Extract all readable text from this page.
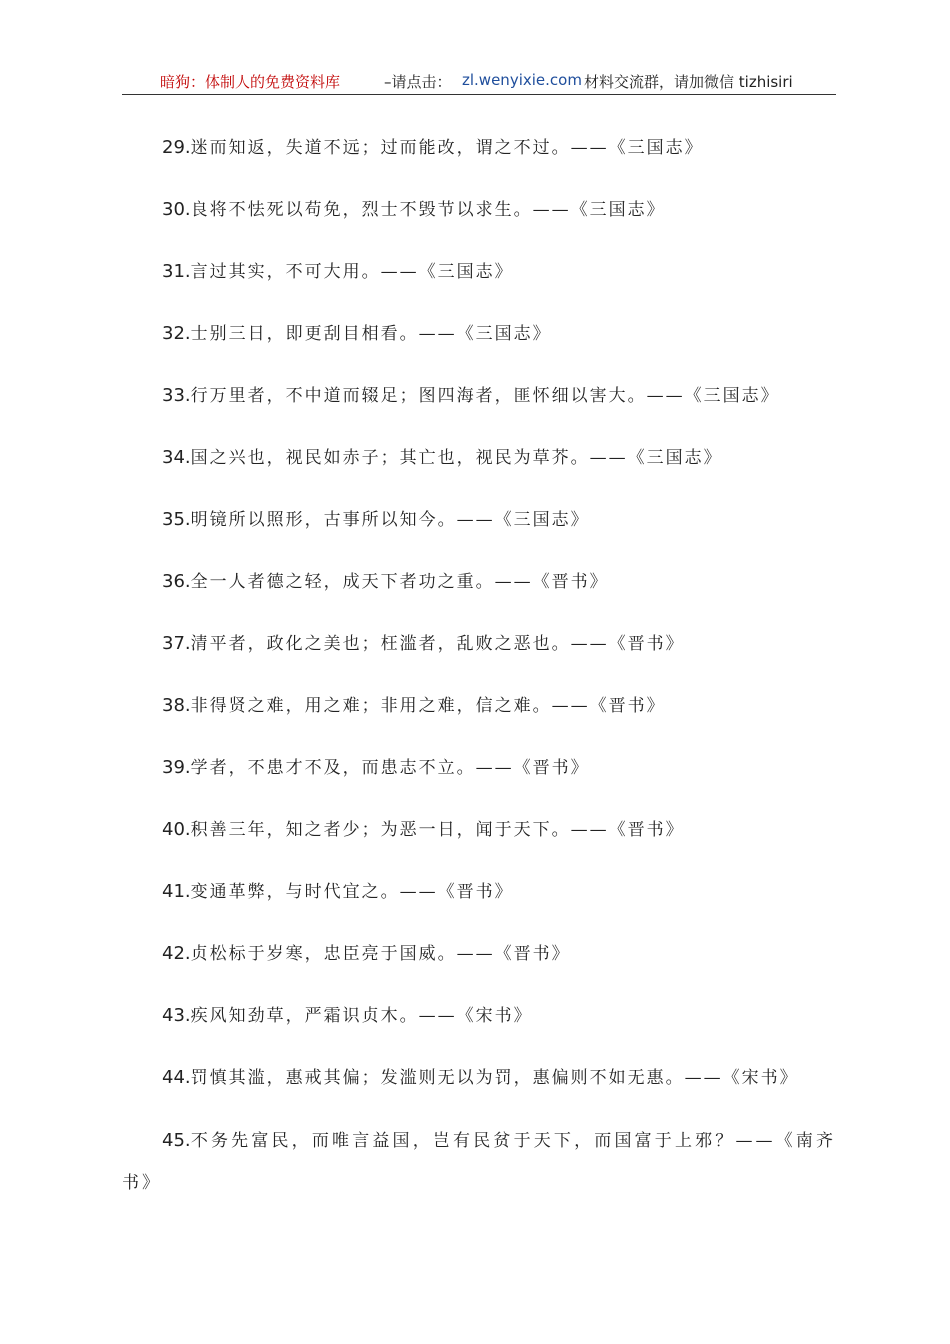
暗狗：体制人的免费资料库	–请点击： zl.wenyixie.com 材料交流群，请加微信 tizhisiri
29.迷而知返，失道不远；过而能改，谓之不过。——《三国志》
30.良将不怯死以苟免，烈士不毁节以求生。——《三国志》
31.言过其实，不可大用。——《三国志》
32.士别三日，即更刮目相看。——《三国志》
33.行万里者，不中道而辍足；图四海者，匪怀细以害大。——《三国志》
34.国之兴也，视民如赤子；其亡也，视民为草芥。——《三国志》
35.明镜所以照形，古事所以知今。——《三国志》
36.全一人者德之轻，成天下者功之重。——《晋书》
37.清平者，政化之美也；枉滥者，乱败之恶也。——《晋书》
38.非得贤之难，用之难；非用之难，信之难。——《晋书》
39.学者，不患才不及，而患志不立。——《晋书》
40.积善三年，知之者少；为恶一日，闻于天下。——《晋书》
41.变通革弊，与时代宜之。——《晋书》
42.贞松标于岁寒，忠臣亮于国威。——《晋书》
43.疾风知劲草，严霜识贞木。——《宋书》
44.罚慎其滥，惠戒其偏；发滥则无以为罚，惠偏则不如无惠。——《宋书》
45.不务先富民，而唯言益国，岂有民贫于天下，而国富于上邪？——《南齐书》
